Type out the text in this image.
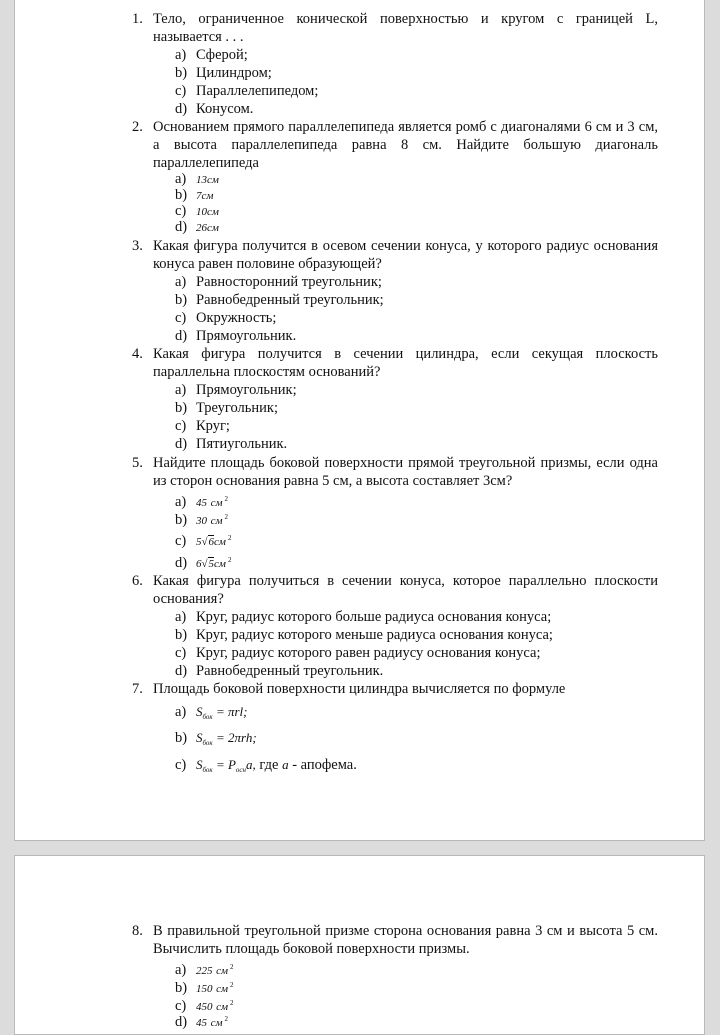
1. Тело, ограниченное конической поверхностью и кругом с границей L, называется . . .
a) Сферой;
b) Цилиндром;
c) Параллелепипедом;
d) Конусом.
2. Основанием прямого параллелепипеда является ромб с диагоналями 6 см и 3 см, а высота параллелепипеда равна 8 см. Найдите большую диагональ параллелепипеда
a) 13см
b) 7см
c) 10см
d) 26см
3. Какая фигура получится в осевом сечении конуса, у которого радиус основания конуса равен половине образующей?
a) Равносторонний треугольник;
b) Равнобедренный треугольник;
c) Окружность;
d) Прямоугольник.
4. Какая фигура получится в сечении цилиндра, если секущая плоскость параллельна плоскостям оснований?
a) Прямоугольник;
b) Треугольник;
c) Круг;
d) Пятиугольник.
5. Найдите площадь боковой поверхности прямой треугольной призмы, если одна из сторон основания равна 5 см, а высота составляет 3см?
a) 45 см $^2$
b) 30 см $^2$
c) 5√6см $^2$
d) 6√5см $^2$
6. Какая фигура получиться в сечении конуса, которое параллельно плоскости основания?
a) Круг, радиус которого больше радиуса основания конуса;
b) Круг, радиус которого меньше радиуса основания конуса;
c) Круг, радиус которого равен радиусу основания конуса;
d) Равнобедренный треугольник.
7. Площадь боковой поверхности цилиндра вычисляется по формуле
a) $S_{бок} = \pi rl$;
b) $S_{бок} = 2\pi rh$;
c) $S_{бок} = P_{осн}a$, где a - апофема.
8. В правильной треугольной призме сторона основания равна 3 см и высота 5 см. Вычислить площадь боковой поверхности призмы.
a) 225 см $^2$
b) 150 см $^2$
c) 450 см $^2$
d) 45 см $^2$
